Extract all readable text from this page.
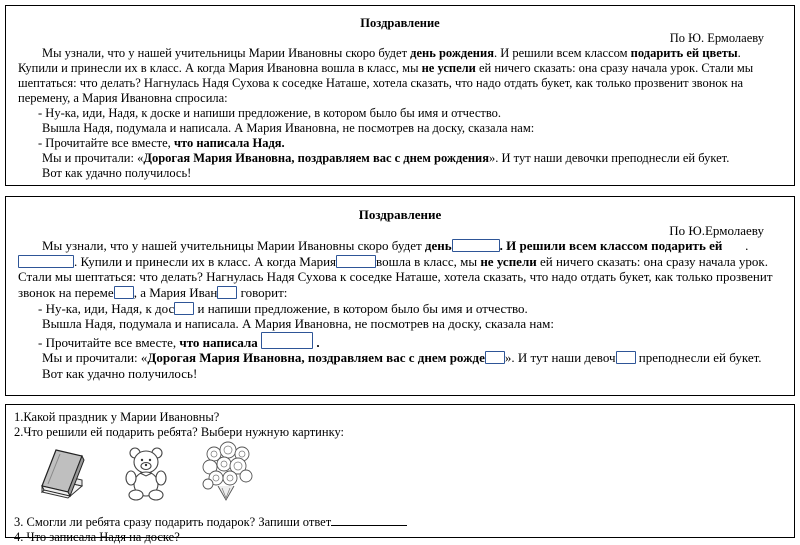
Поздравление
По Ю. Ермолаеву

Мы узнали, что у нашей учительницы Марии Ивановны скоро будет день рождения. И решили всем классом подарить ей цветы. Купили и принесли их в класс. А когда Мария Ивановна вошла в класс, мы не успели ей ничего сказать: она сразу начала урок. Стали мы шептаться: что делать? Нагнулась Надя Сухова к соседке Наташе, хотела сказать, что надо отдать букет, как только прозвенит звонок на перемену, а Мария Ивановна спросила:

- Ну-ка, иди, Надя, к доске и напиши предложение, в котором было бы имя и отчество.

Вышла Надя, подумала и написала. А Мария Ивановна, не посмотрев на доску, сказала нам:

- Прочитайте все вместе, что написала Надя.

Мы и прочитали: «Дорогая Мария Ивановна, поздравляем вас с днем рождения». И тут наши девочки преподнесли ей букет.

Вот как удачно получилось!

Поздравление
По Ю.Ермолаеву

Мы узнали, что у нашей учительницы Марии Ивановны скоро будет день	. И решили всем классом подарить ей . . Купили и принесли их в класс. А когда Мария	вошла в класс, мы не успели ей ничего сказать: она сразу начала урок. Стали мы шептаться: что делать? Нагнулась Надя Сухова к соседке Наташе, хотела сказать, что надо отдать букет, как только прозвенит звонок на переме , а Мария Иван говорит:

- Ну-ка, иди, Надя, к дос и напиши предложение, в котором было бы имя и отчество.

Вышла Надя, подумала и написала. А Мария Ивановна, не посмотрев на доску, сказала нам:

- Прочитайте все вместе, что написала	.

Мы и прочитали: «Дорогая Мария Ивановна, поздравляем вас с днем рожде ». И тут наши девоч преподнесли ей букет.

Вот как удачно получилось!

1.Какой праздник у Марии Ивановны?

2.Что решили ей подарить ребята? Выбери нужную картинку:

3. Смогли ли ребята сразу подарить подарок? Запиши ответ

4. Что записала Надя на доске?
